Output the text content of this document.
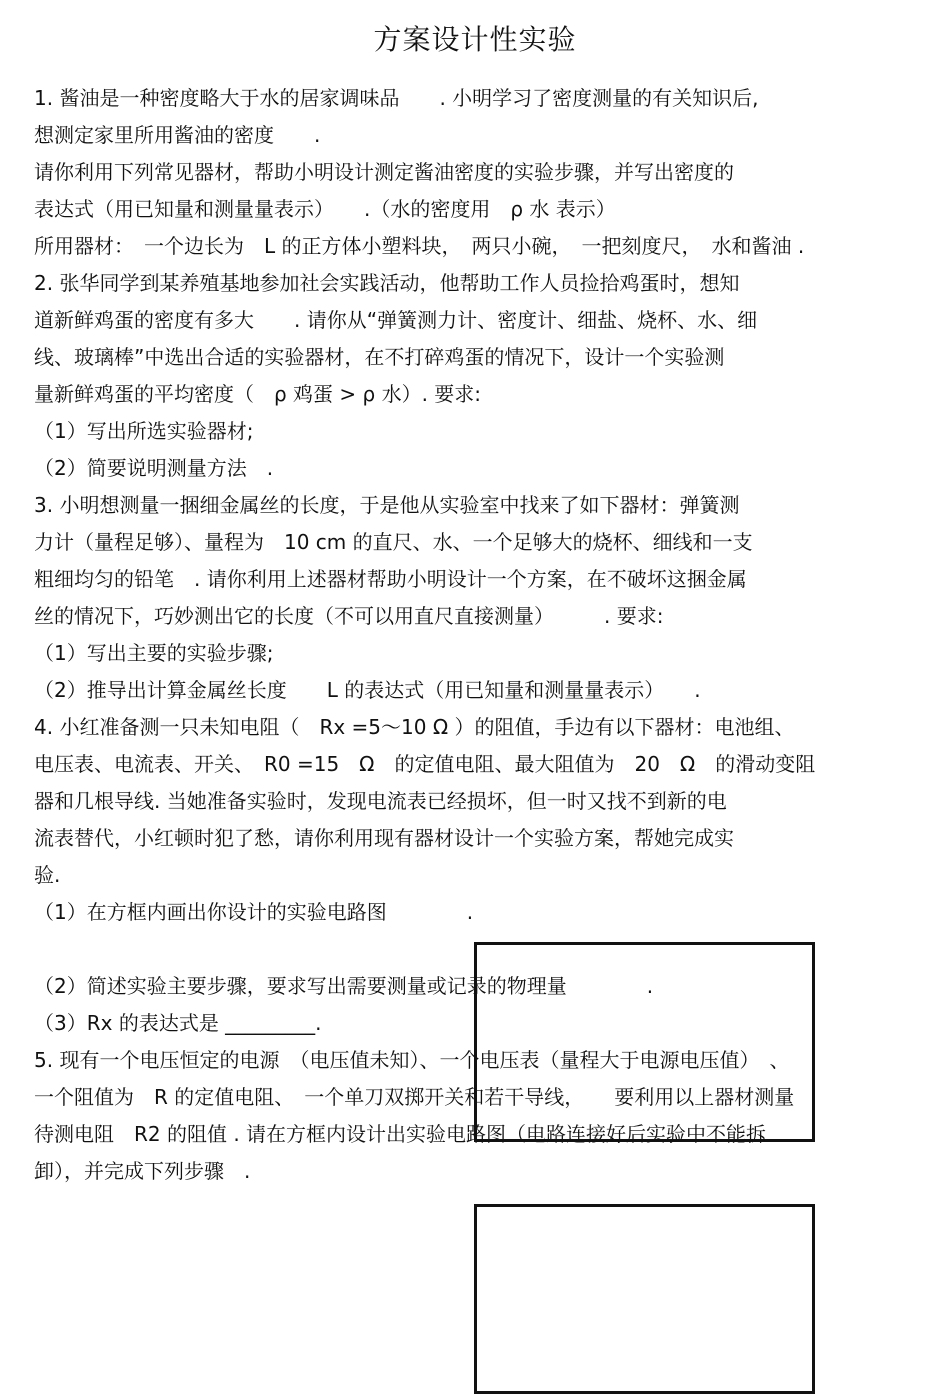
方案设计性实验
1. 酱油是一种密度略大于水的居家调味品　　. 小明学习了密度测量的有关知识后,
想测定家里所用酱油的密度　　.
请你利用下列常见器材，帮助小明设计测定酱油密度的实验步骤，并写出密度的
表达式（用已知量和测量量表示）　　.（水的密度用　ρ 水 表示）
所用器材：　一个边长为　L 的正方体小塑料块，　两只小碗，　一把刻度尺，　水和酱油 .
2. 张华同学到某养殖基地参加社会实践活动，他帮助工作人员捡拾鸡蛋时，想知
道新鲜鸡蛋的密度有多大　　. 请你从“弹簧测力计、密度计、细盐、烧杯、水、细
线、玻璃棒”中选出合适的实验器材，在不打碎鸡蛋的情况下，设计一个实验测
量新鲜鸡蛋的平均密度（　ρ 鸡蛋 > ρ 水）. 要求:
（1）写出所选实验器材;
（2）简要说明测量方法　.
3. 小明想测量一捆细金属丝的长度，于是他从实验室中找来了如下器材：弹簧测
力计（量程足够）、量程为　10 cm 的直尺、水、一个足够大的烧杯、细线和一支
粗细均匀的铅笔　. 请你利用上述器材帮助小明设计一个方案，在不破坏这捆金属
丝的情况下，巧妙测出它的长度（不可以用直尺直接测量）　　　. 要求:
（1）写出主要的实验步骤;
（2）推导出计算金属丝长度　　L 的表达式（用已知量和测量量表示）　　.
4. 小红准备测一只未知电阻（　Rx =5～10 Ω ）的阻值，手边有以下器材：电池组、
电压表、电流表、开关、　R0 =15　Ω　的定值电阻、最大阻值为　20　Ω　的滑动变阻
器和几根导线. 当她准备实验时，发现电流表已经损坏，但一时又找不到新的电
流表替代，小红顿时犯了愁，请你利用现有器材设计一个实验方案，帮她完成实
验.
（1）在方框内画出你设计的实验电路图　　　　.
（2）简述实验主要步骤，要求写出需要测量或记录的物理量　　　　.
（3）Rx 的表达式是 _________.
5. 现有一个电压恒定的电源　（电压值未知）、一个电压表（量程大于电源电压值）　、
一个阻值为　R 的定值电阻、　一个单刀双掷开关和若干导线，　　要利用以上器材测量
待测电阻　R2 的阻值 . 请在方框内设计出实验电路图（电路连接好后实验中不能拆
卸），并完成下列步骤　.
